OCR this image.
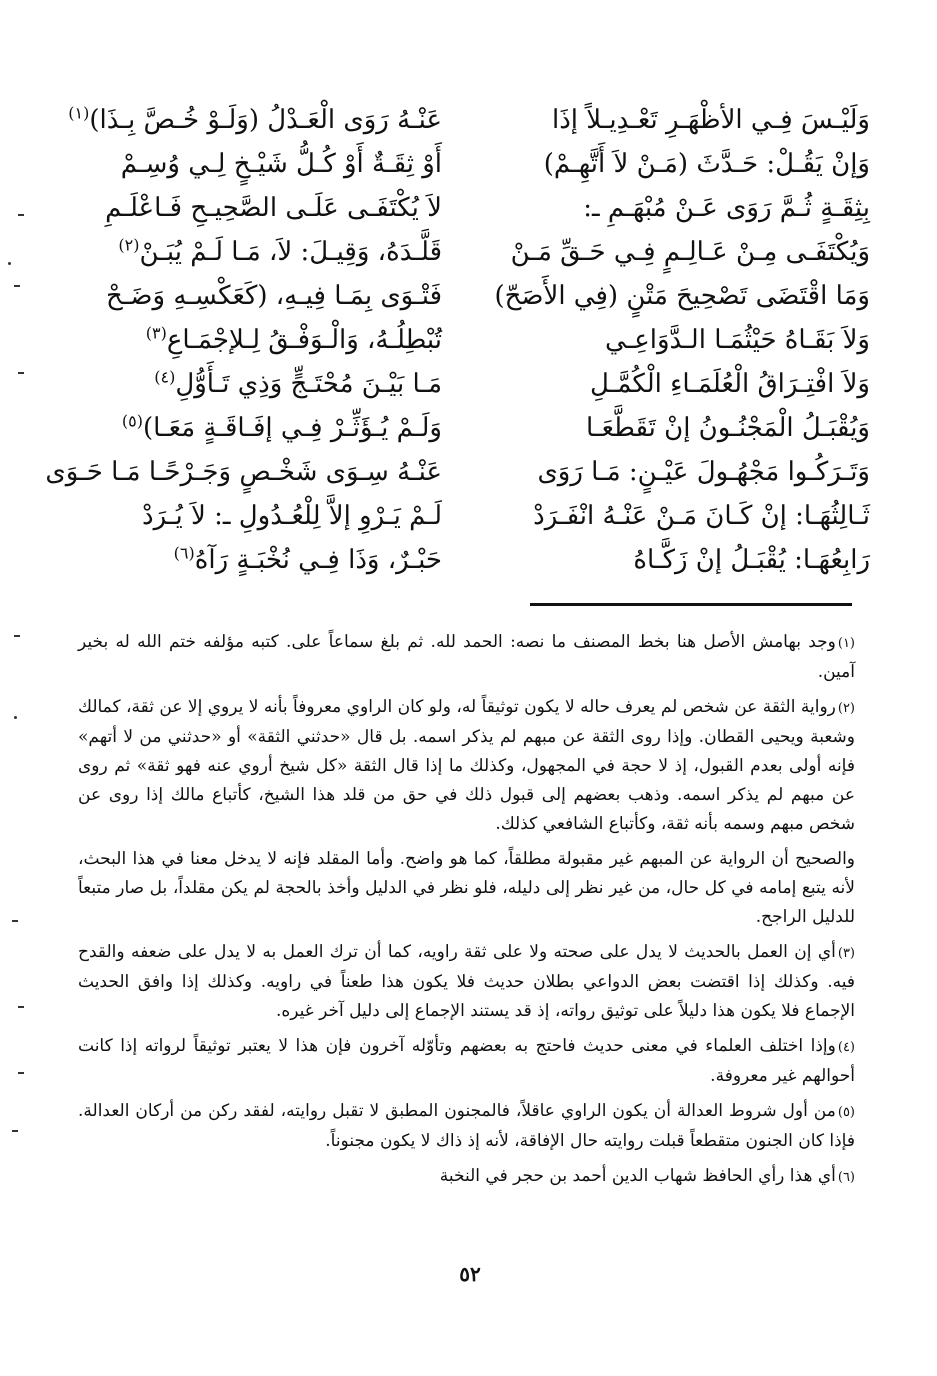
وَلَيْـسَ فِـي الأظْهَـرِ تَعْـدِيـلاً إذَا
عَنْـهُ رَوَى الْعَـدْلُ (وَلَـوْ خُـصَّ بِـذَا)$^{(١)}$
وَإنْ يَقُـلْ: حَـدَّثَ (مَـنْ لاَ أَتَّهِـمْ)
أَوْ ثِقَـةٌ أَوْ كُـلُّ شَيْـخٍ لِـي وُسِـمْ
بِثِقَـةٍ ثُـمَّ رَوَى عَـنْ مُبْهَـمِ ـ:
لاَ يُكْتَفَـى عَلَـى الصَّحِيـحِ فَـاعْلَـمِ
وَيُكْتَفَـى مِـنْ عَـالِـمٍ فِـي حَـقِّ مَـنْ
قَلَّـدَهُ، وَقِيـلَ: لاَ، مَـا لَـمْ يُبَـنْ$^{(٢)}$
وَمَا اقْتَضَى تَصْحِيحَ مَتْنٍ (فِي الأَصَحّ)
فَتْـوَى بِمَـا فِيـهِ، (كَعَكْسِـهِ وَضَـحْ
وَلاَ بَقَـاهُ حَيْثُمَـا الـدَّوَاعِـي
تُبْطِلُـهُ، وَالْـوَفْـقُ لِـلإجْمَـاعِ$^{(٣)}$
وَلاَ افْتِـرَاقُ الْعُلَمَـاءِ الْكُمَّـلِ
مَـا بَيْـنَ مُحْتَـجٍّ وَذِي تَـأَوُّلِ$^{(٤)}$
وَيُقْبَـلُ الْمَجْنُـونُ إنْ تَقَطَّعَـا
وَلَـمْ يُـؤَثِّـرْ فِـي إفَـاقَـةٍ مَعَـا)$^{(٥)}$
وَتَـرَكُـوا مَجْهُـولَ عَيْـنٍ: مَـا رَوَى
عَنْـهُ سِـوَى شَخْـصٍ وَجَـرْحًـا مَـا حَـوَى
ثَـالِثُهَـا: إنْ كَـانَ مَـنْ عَنْـهُ انْفَـرَدْ
لَـمْ يَـرْوِ إلاَّ لِلْعُـدُولِ ـ: لاَ يُـرَدْ
رَابِعُهَـا: يُقْبَـلُ إنْ زَكَّـاهُ
حَبْـرٌ، وَذَا فِـي نُخْبَـةٍ رَآهُ$^{(٦)}$

(١)وجد بهامش الأصل هنا بخط المصنف ما نصه: الحمد لله. ثم بلغ سماعاً على. كتبه مؤلفه ختم الله له بخير آمين.

(٢)رواية الثقة عن شخص لم يعرف حاله لا يكون توثيقاً له، ولو كان الراوي معروفاً بأنه لا يروي إلا عن ثقة، كمالك وشعبة ويحيى القطان. وإذا روى الثقة عن مبهم لم يذكر اسمه. بل قال «حدثني الثقة» أو «حدثني من لا أتهم» فإنه أولى بعدم القبول، إذ لا حجة في المجهول، وكذلك ما إذا قال الثقة «كل شيخ أروي عنه فهو ثقة» ثم روى عن مبهم لم يذكر اسمه. وذهب بعضهم إلى قبول ذلك في حق من قلد هذا الشيخ، كأتباع مالك إذا روى عن شخص مبهم وسمه بأنه ثقة، وكأتباع الشافعي كذلك.

والصحيح أن الرواية عن المبهم غير مقبولة مطلقاً، كما هو واضح. وأما المقلد فإنه لا يدخل معنا في هذا البحث، لأنه يتبع إمامه في كل حال، من غير نظر إلى دليله، فلو نظر في الدليل وأخذ بالحجة لم يكن مقلداً، بل صار متبعاً للدليل الراجح.

(٣)أي إن العمل بالحديث لا يدل على صحته ولا على ثقة راويه، كما أن ترك العمل به لا يدل على ضعفه والقدح فيه. وكذلك إذا اقتضت بعض الدواعي بطلان حديث فلا يكون هذا طعناً في راويه. وكذلك إذا وافق الحديث الإجماع فلا يكون هذا دليلاً على توثيق رواته، إذ قد يستند الإجماع إلى دليل آخر غيره.

(٤)وإذا اختلف العلماء في معنى حديث فاحتج به بعضهم وتأوّله آخرون فإن هذا لا يعتبر توثيقاً لرواته إذا كانت أحوالهم غير معروفة.

(٥)من أول شروط العدالة أن يكون الراوي عاقلاً، فالمجنون المطبق لا تقبل روايته، لفقد ركن من أركان العدالة. فإذا كان الجنون متقطعاً قبلت روايته حال الإفاقة، لأنه إذ ذاك لا يكون مجنوناً.

(٦)أي هذا رأي الحافظ شهاب الدين أحمد بن حجر في النخبة

٥٢
